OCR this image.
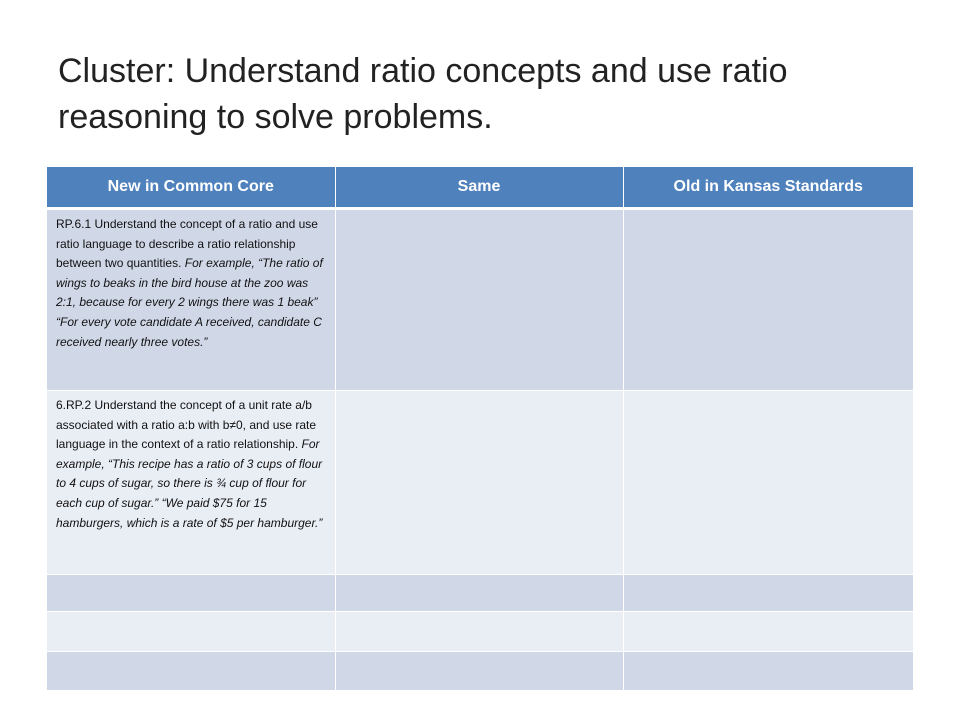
Cluster: Understand ratio concepts and use ratio reasoning to solve problems.
New in Common Core	Same	Old in Kansas Standards

RP.6.1 Understand the concept of a ratio and use ratio language to describe a ratio relationship between two quantities. For example, “The ratio of wings to beaks in the bird house at the zoo was 2:1, because for every 2 wings there was 1 beak” “For every vote candidate A received, candidate C received nearly three votes.”		

6.RP.2 Understand the concept of a unit rate a/b associated with a ratio a:b with b≠0, and use rate language in the context of a ratio relationship. For example, “This recipe has a ratio of 3 cups of flour to 4 cups of sugar, so there is ¾ cup of flour for each cup of sugar.” “We paid $75 for 15 hamburgers, which is a rate of $5 per hamburger.”		
